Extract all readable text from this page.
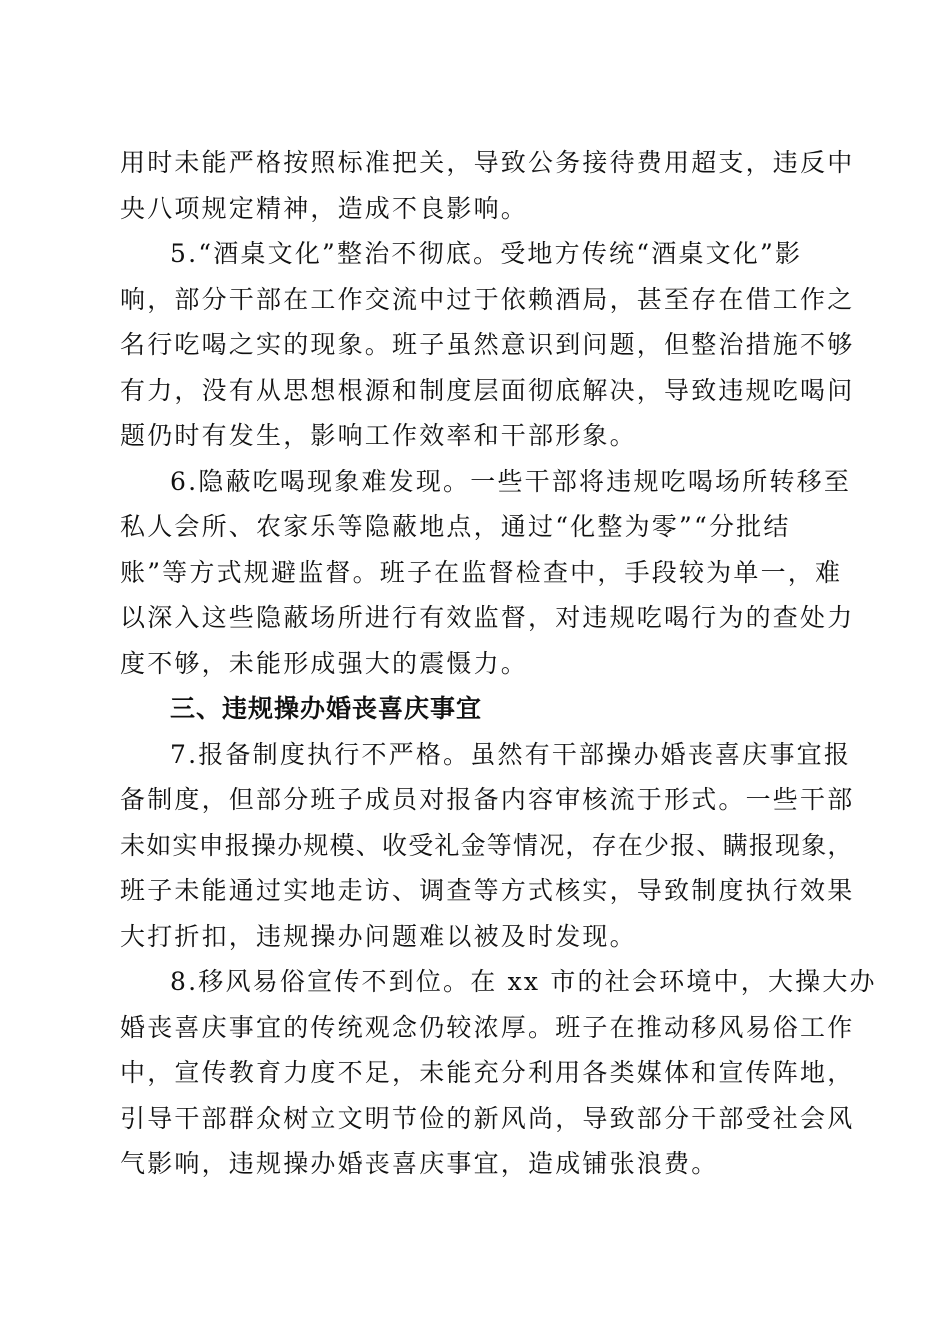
用时未能严格按照标准把关，导致公务接待费用超支，违反中
央八项规定精神，造成不良影响。
5.“酒桌文化”整治不彻底。受地方传统“酒桌文化”影
响，部分干部在工作交流中过于依赖酒局，甚至存在借工作之
名行吃喝之实的现象。班子虽然意识到问题，但整治措施不够
有力，没有从思想根源和制度层面彻底解决，导致违规吃喝问
题仍时有发生，影响工作效率和干部形象。
6.隐蔽吃喝现象难发现。一些干部将违规吃喝场所转移至
私人会所、农家乐等隐蔽地点，通过“化整为零”“分批结
账”等方式规避监督。班子在监督检查中，手段较为单一，难
以深入这些隐蔽场所进行有效监督，对违规吃喝行为的查处力
度不够，未能形成强大的震慑力。
三、违规操办婚丧喜庆事宜
7.报备制度执行不严格。虽然有干部操办婚丧喜庆事宜报
备制度，但部分班子成员对报备内容审核流于形式。一些干部
未如实申报操办规模、收受礼金等情况，存在少报、瞒报现象，
班子未能通过实地走访、调查等方式核实，导致制度执行效果
大打折扣，违规操办问题难以被及时发现。
8.移风易俗宣传不到位。在 xx 市的社会环境中，大操大办
婚丧喜庆事宜的传统观念仍较浓厚。班子在推动移风易俗工作
中，宣传教育力度不足，未能充分利用各类媒体和宣传阵地，
引导干部群众树立文明节俭的新风尚，导致部分干部受社会风
气影响，违规操办婚丧喜庆事宜，造成铺张浪费。
